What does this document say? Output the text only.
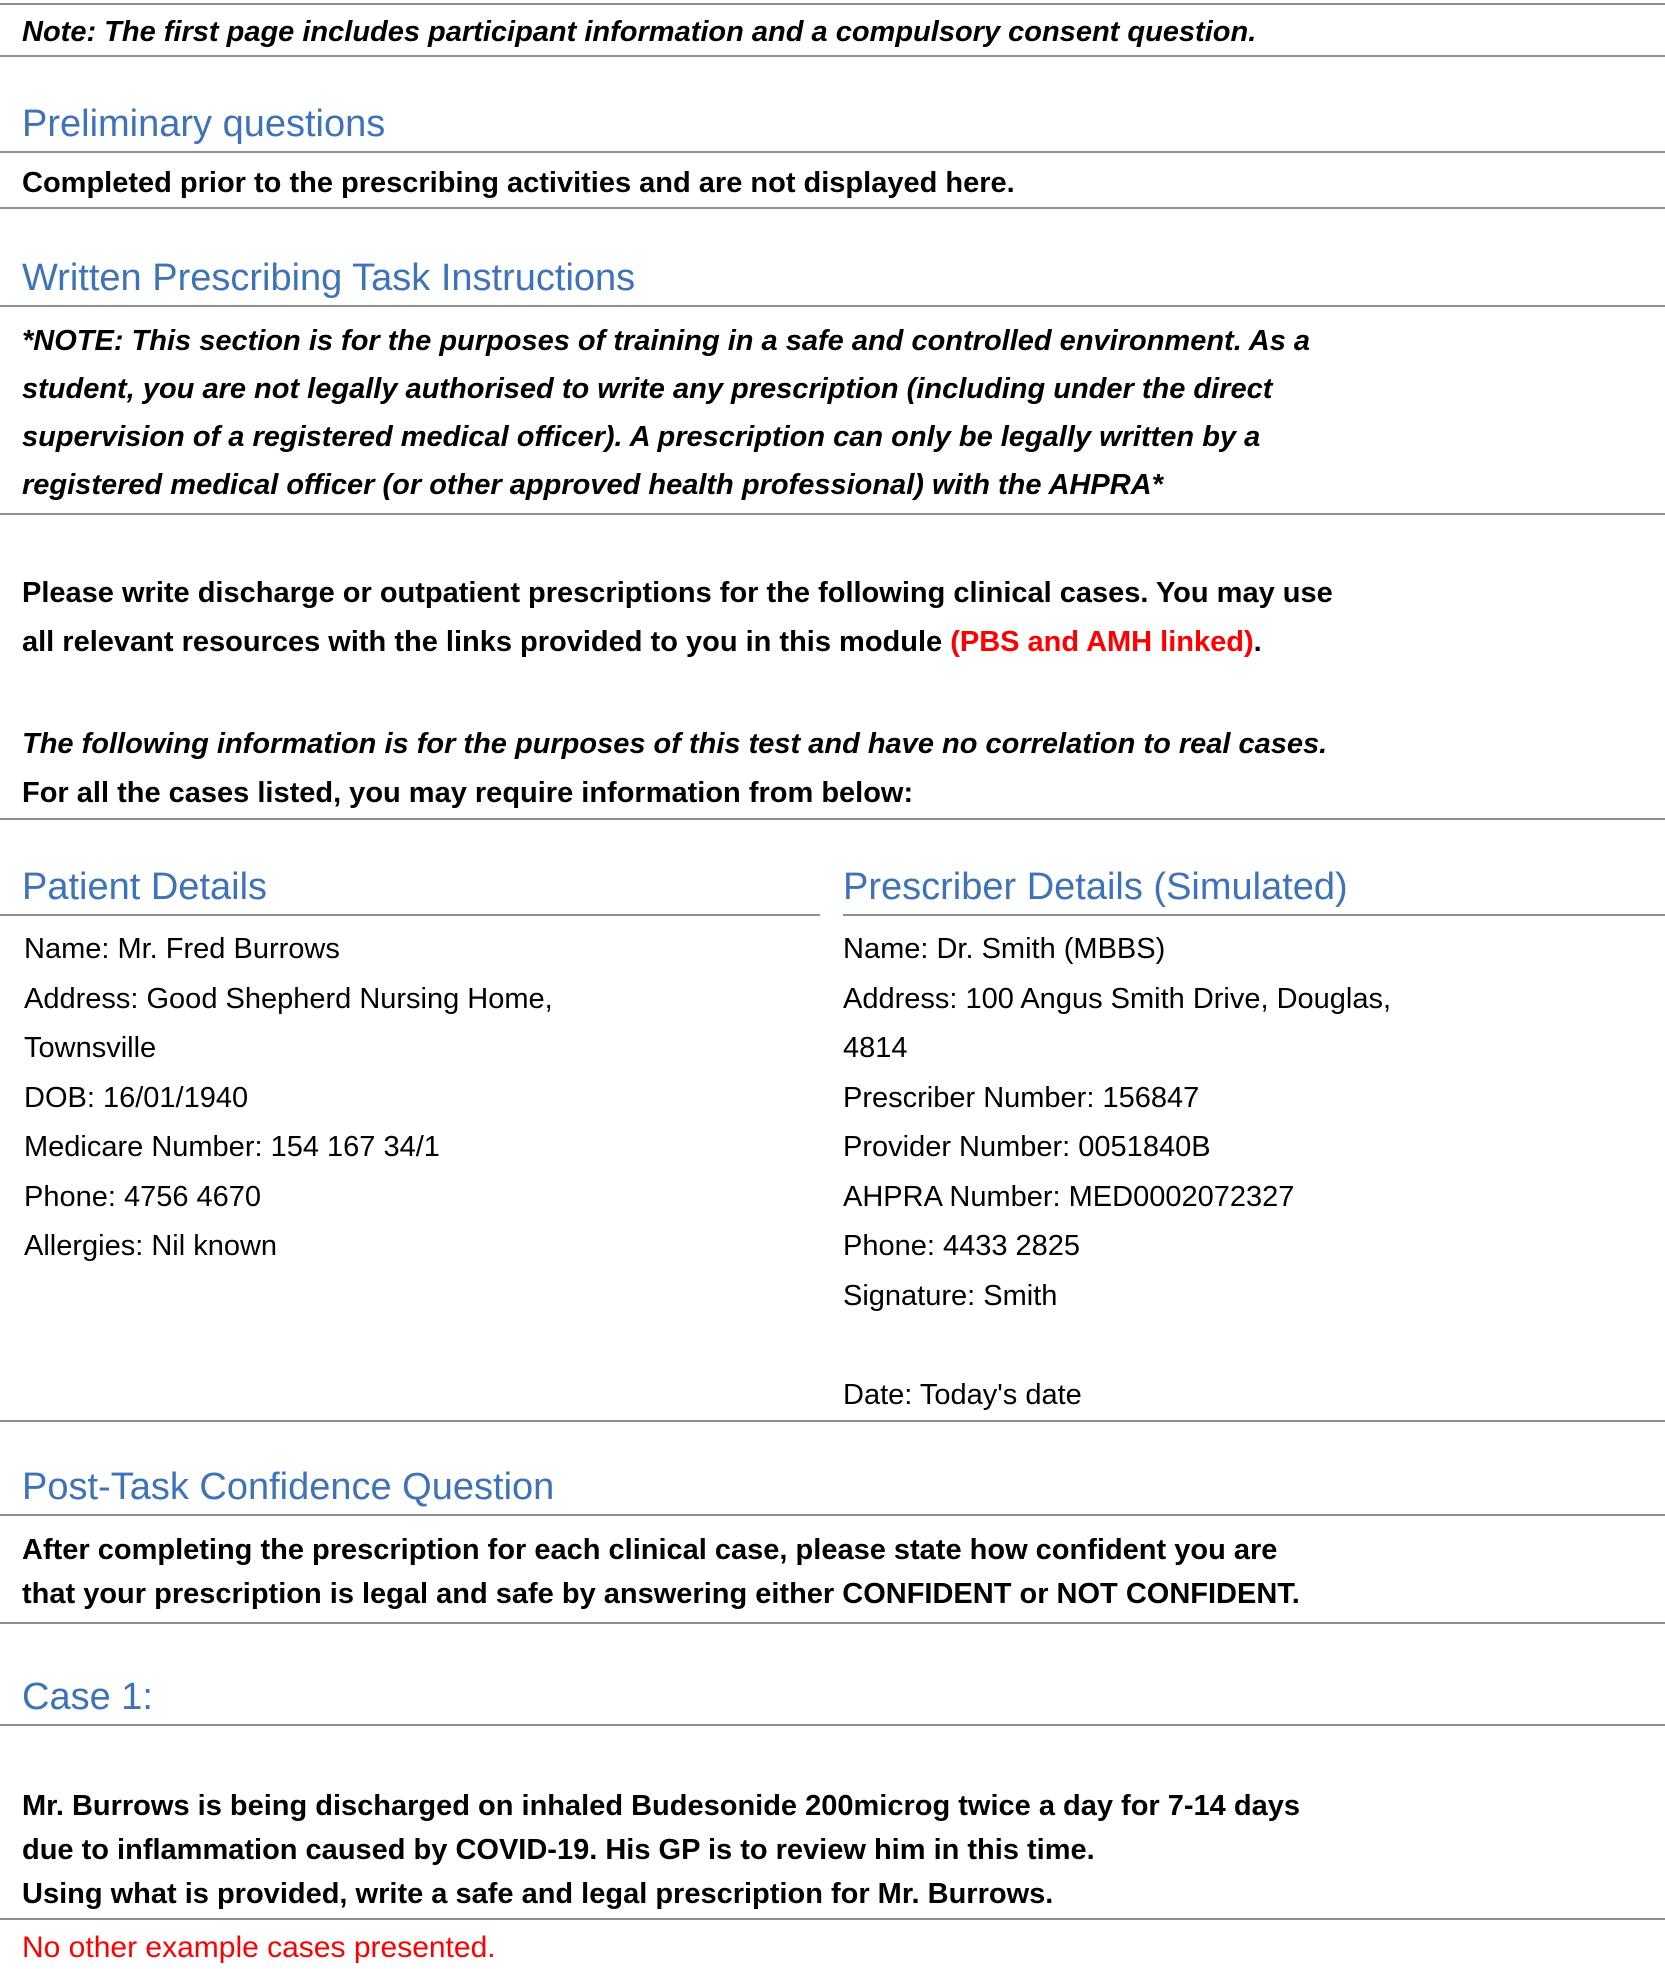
Note: The first page includes participant information and a compulsory consent question.
Preliminary questions
Completed prior to the prescribing activities and are not displayed here.
Written Prescribing Task Instructions
*NOTE: This section is for the purposes of training in a safe and controlled environment. As a
student, you are not legally authorised to write any prescription (including under the direct
supervision of a registered medical officer). A prescription can only be legally written by a
registered medical officer (or other approved health professional) with the AHPRA*
Please write discharge or outpatient prescriptions for the following clinical cases. You may use
all relevant resources with the links provided to you in this module (PBS and AMH linked).
The following information is for the purposes of this test and have no correlation to real cases.
For all the cases listed, you may require information from below:
Patient Details
Name: Mr. Fred Burrows
Address: Good Shepherd Nursing Home,
Townsville
DOB: 16/01/1940
Medicare Number: 154 167 34/1
Phone: 4756 4670
Allergies: Nil known
Prescriber Details (Simulated)
Name: Dr. Smith (MBBS)
Address: 100 Angus Smith Drive, Douglas,
4814
Prescriber Number: 156847
Provider Number: 0051840B
AHPRA Number: MED0002072327
Phone: 4433 2825
Signature: Smith
Date: Today's date
Post-Task Confidence Question
After completing the prescription for each clinical case, please state how confident you are
that your prescription is legal and safe by answering either CONFIDENT or NOT CONFIDENT.
Case 1:
Mr. Burrows is being discharged on inhaled Budesonide 200microg twice a day for 7-14 days
due to inflammation caused by COVID-19. His GP is to review him in this time.
Using what is provided, write a safe and legal prescription for Mr. Burrows.
No other example cases presented.
